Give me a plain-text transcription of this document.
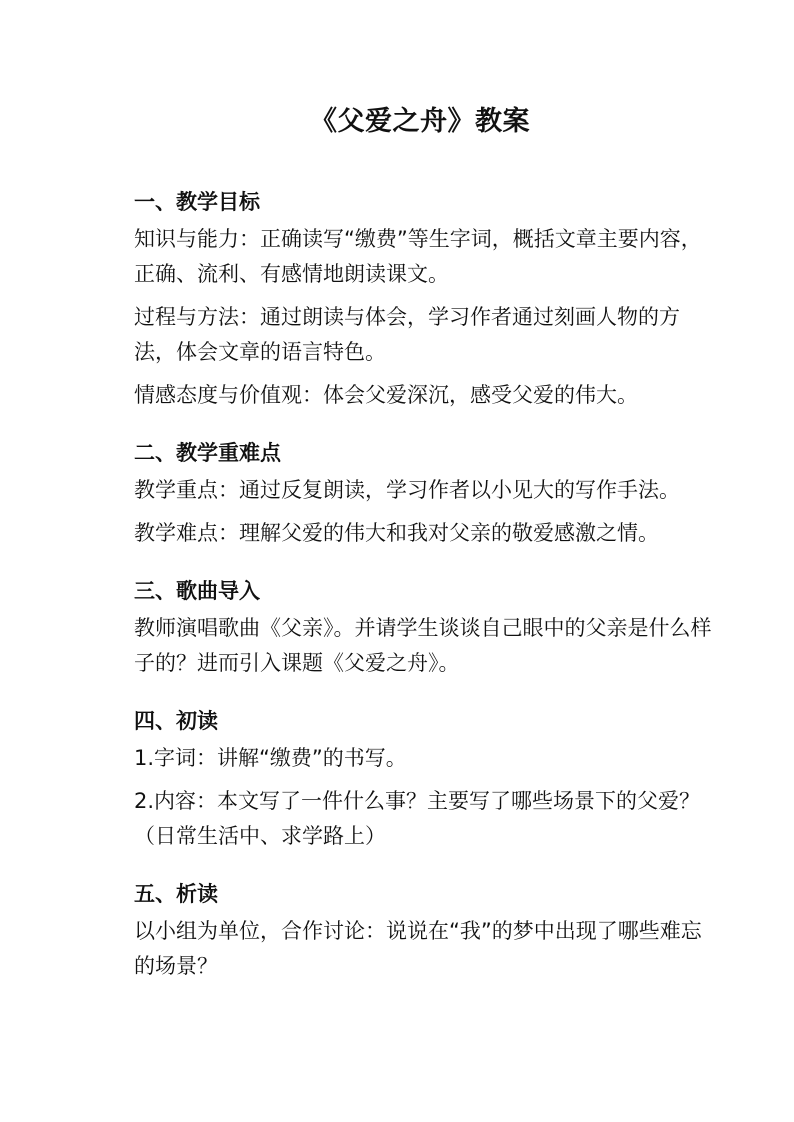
《父爱之舟》教案
一、教学目标

知识与能力：正确读写“缴费”等生字词，概括文章主要内容，正确、流利、有感情地朗读课文。

过程与方法：通过朗读与体会，学习作者通过刻画人物的方法，体会文章的语言特色。

情感态度与价值观：体会父爱深沉，感受父爱的伟大。

二、教学重难点

教学重点：通过反复朗读，学习作者以小见大的写作手法。

教学难点：理解父爱的伟大和我对父亲的敬爱感激之情。

三、歌曲导入

教师演唱歌曲《父亲》。并请学生谈谈自己眼中的父亲是什么样子的？进而引入课题《父爱之舟》。

四、初读

1.字词：讲解“缴费”的书写。

2.内容：本文写了一件什么事？主要写了哪些场景下的父爱？（日常生活中、求学路上）

五、析读

以小组为单位，合作讨论：说说在“我”的梦中出现了哪些难忘的场景？
